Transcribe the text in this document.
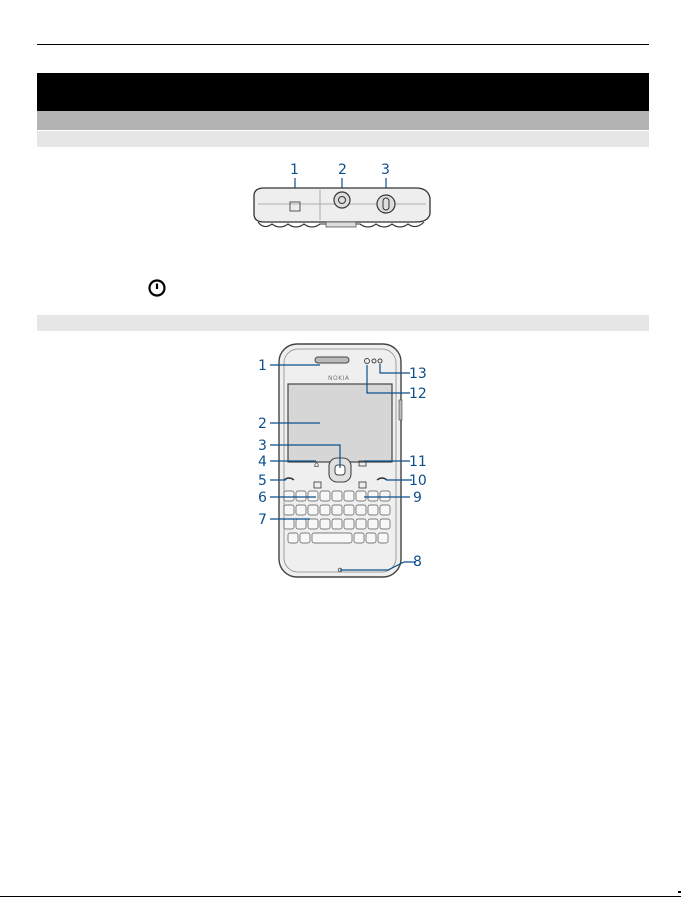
1	2 3
NOKIA
⌂
1
2
3
4
5
6
7
8
9
10
11
12
13
